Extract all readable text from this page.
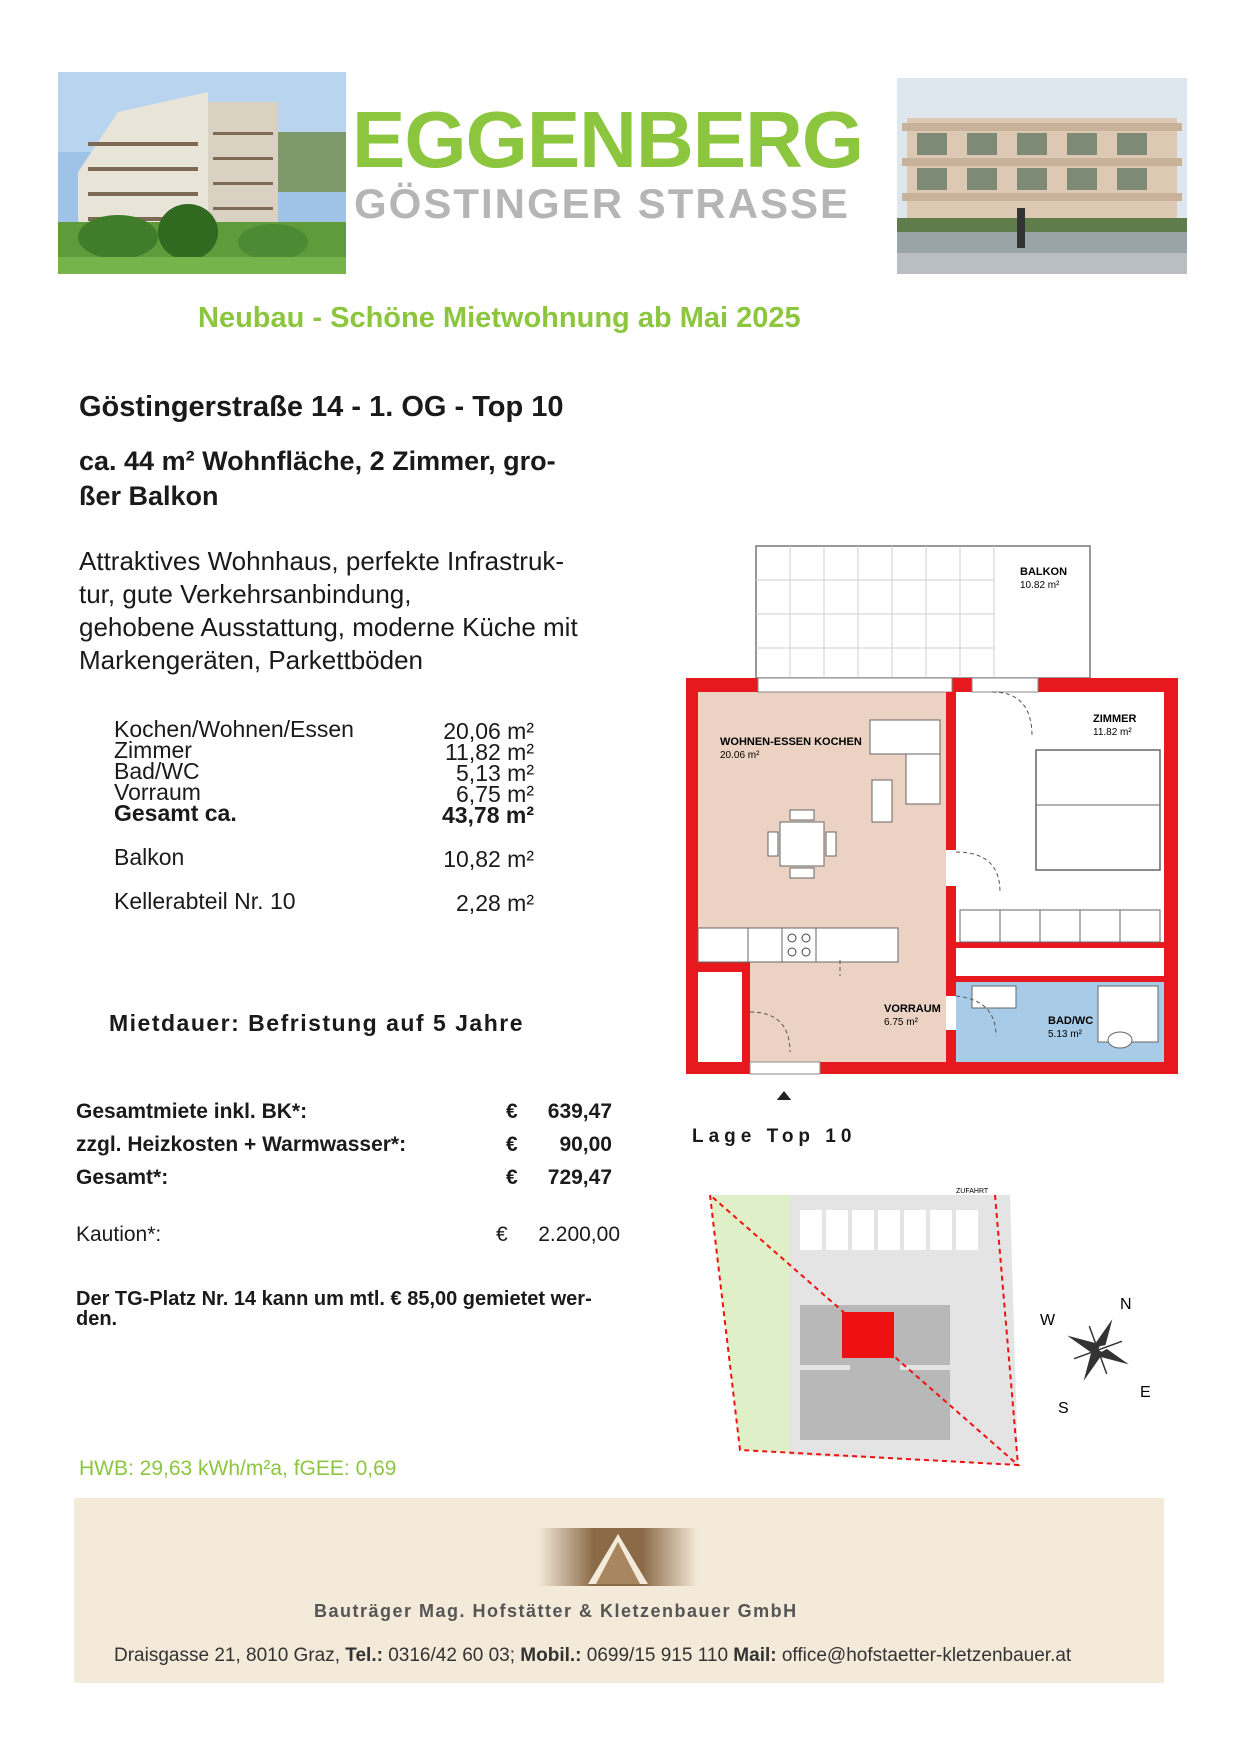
EGGENBERG
GÖSTINGER STRASSE
Neubau - Schöne Mietwohnung ab Mai 2025
Göstingerstraße 14 - 1. OG - Top 10
ca. 44 m² Wohnfläche, 2 Zimmer, gro-
ßer Balkon
Attraktives Wohnhaus, perfekte Infrastruk-
tur, gute Verkehrsanbindung,
gehobene Ausstattung, moderne Küche mit
Markengeräten, Parkettböden
Kochen/Wohnen/Essen	20,06 m²
Zimmer	11,82 m²
Bad/WC	5,13 m²
Vorraum	6,75 m²
Gesamt ca.	43,78 m²
Balkon	10,82 m²
Kellerabteil Nr. 10	2,28 m²
Mietdauer: Befristung auf 5 Jahre
Gesamtmiete inkl. BK*:	€ 639,47
zzgl. Heizkosten + Warmwasser*:	€ 90,00
Gesamt*:	€ 729,47
Kaution*:	€ 2.200,00
Der TG-Platz Nr. 14 kann um mtl. € 85,00 gemietet wer-
den.
HWB: 29,63 kWh/m²a, fGEE: 0,69
BALKON
10.82 m²
WOHNEN-ESSEN KOCHEN
20.06 m²
ZIMMER
11.82 m²
VORRAUM
6.75 m²	BAD/WC
5.13 m²
Lage Top 10
ZUFAHRT
N
E
S
W
Bauträger Mag. Hofstätter & Kletzenbauer GmbH
Draisgasse 21, 8010 Graz, Tel.: 0316/42 60 03; Mobil.: 0699/15 915 110 Mail: office@hofstaetter-kletzenbauer.at
